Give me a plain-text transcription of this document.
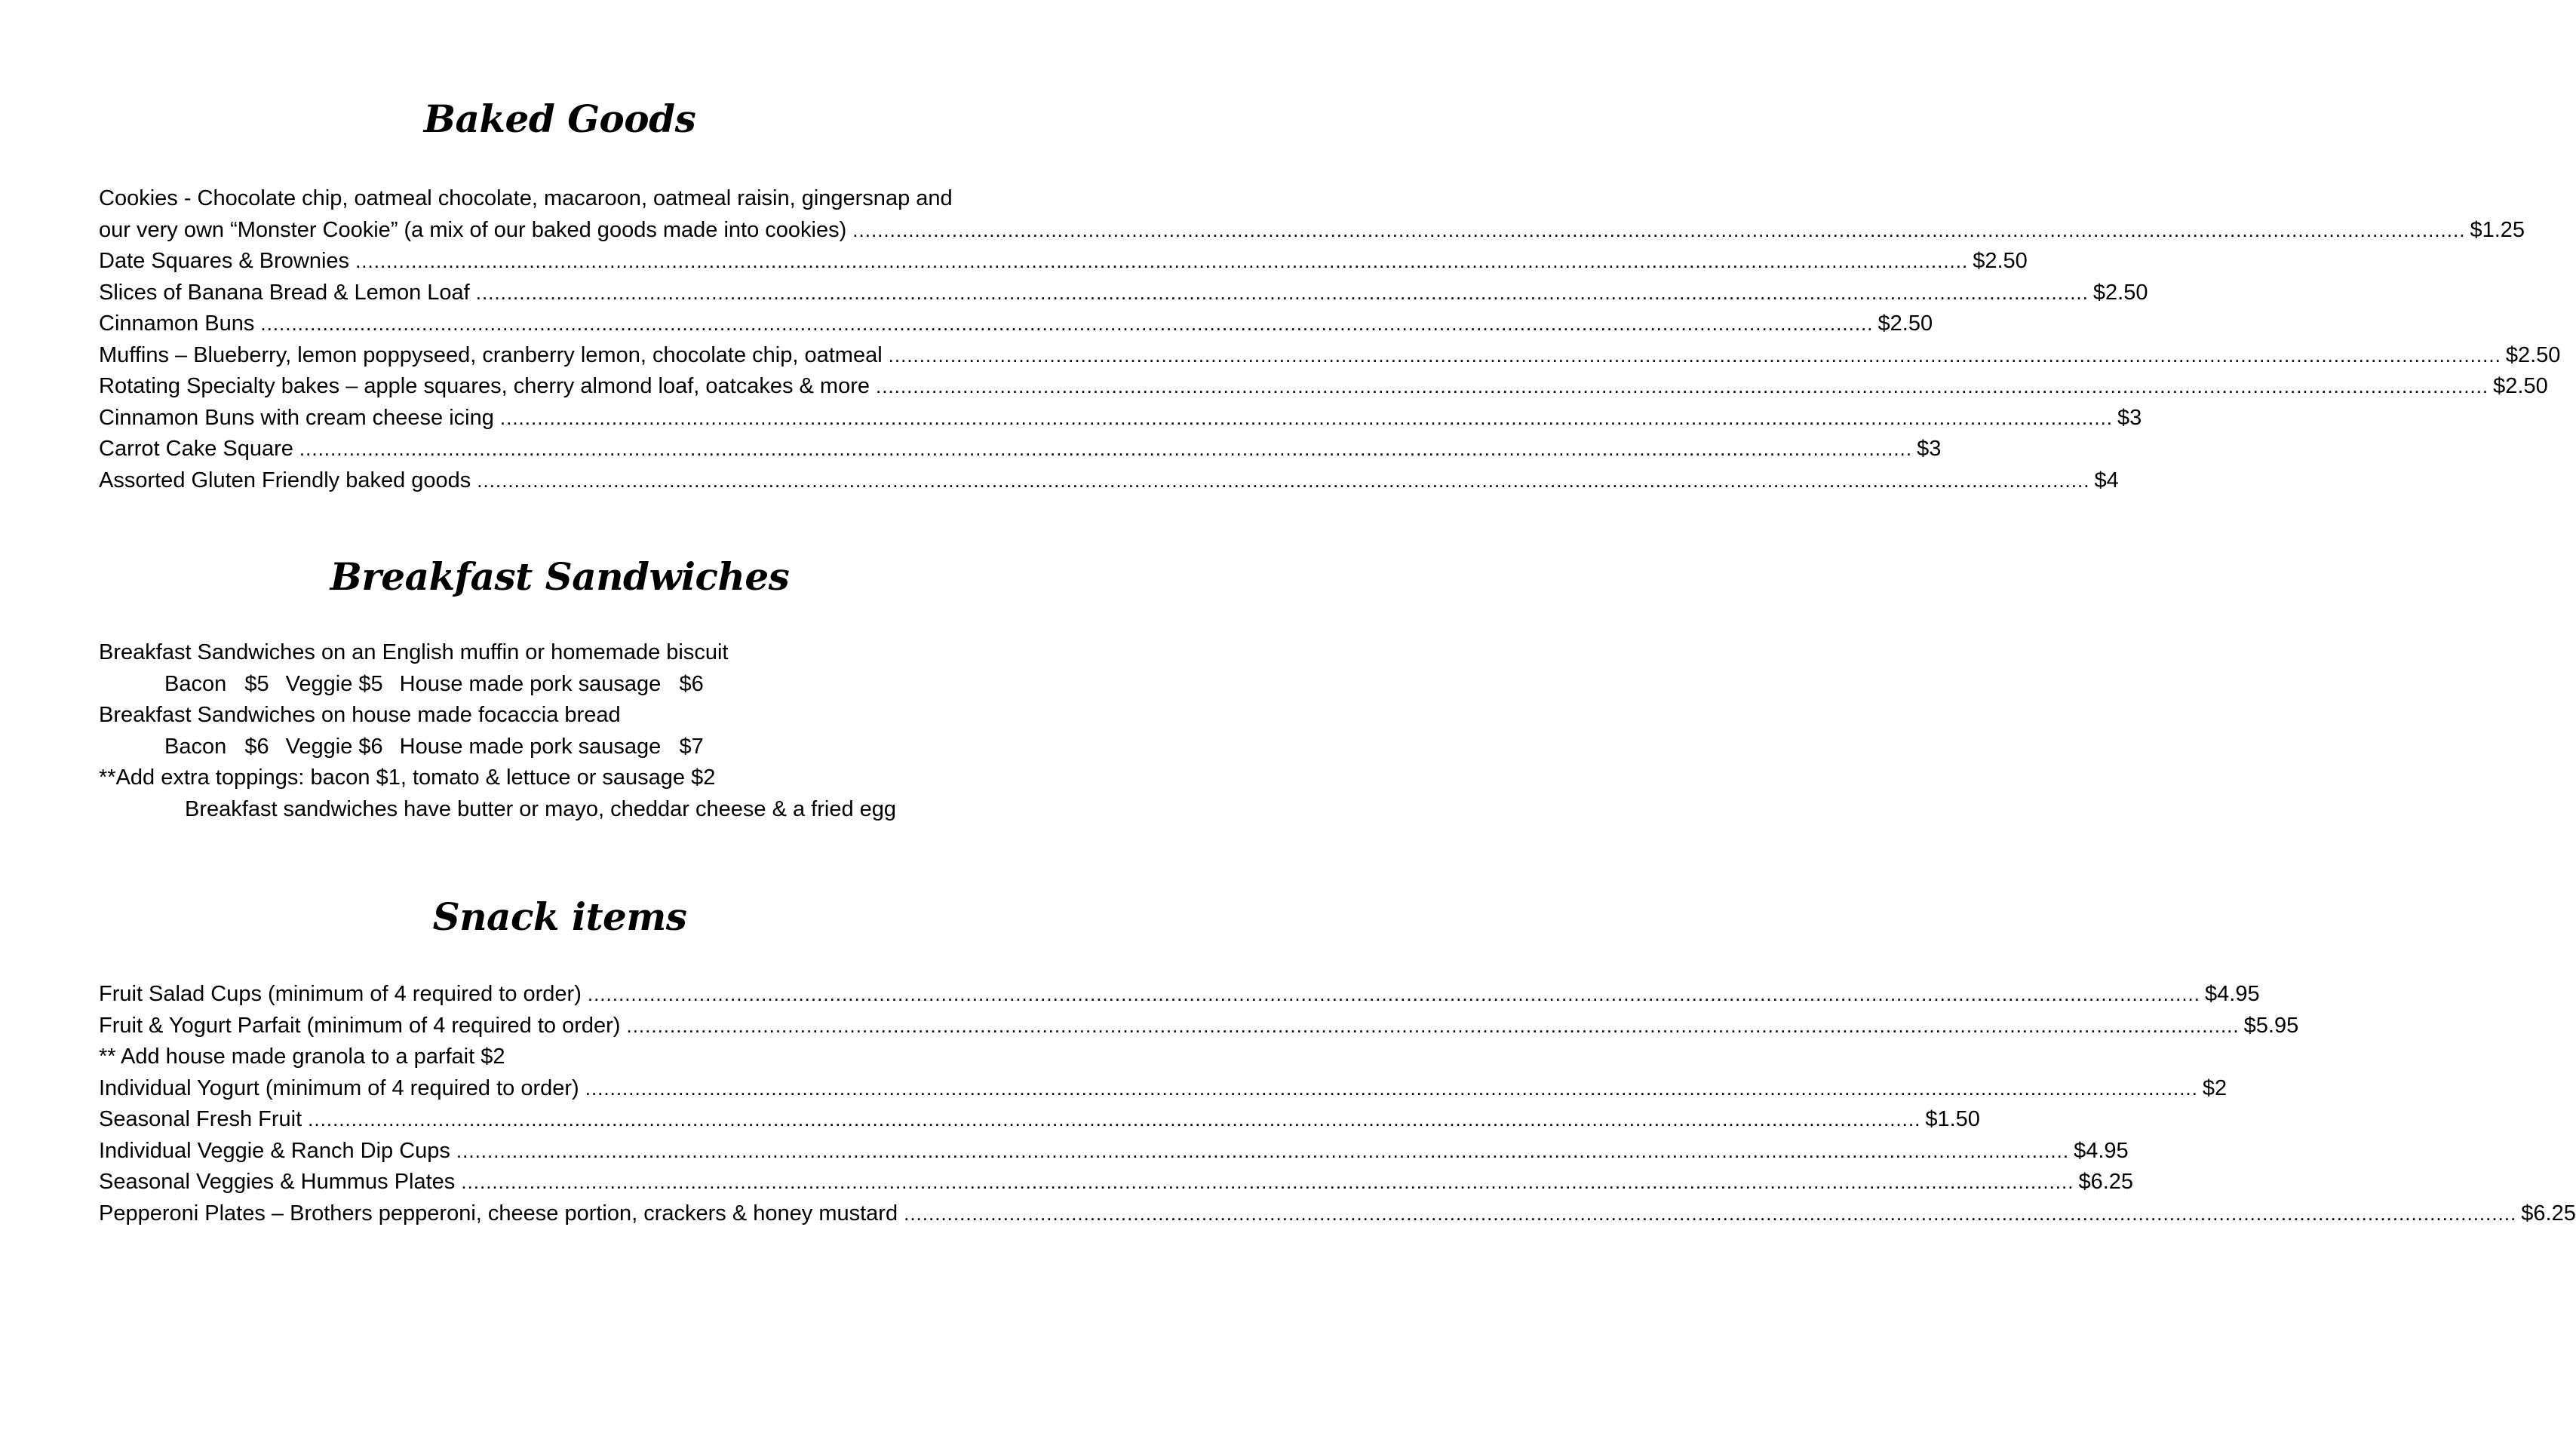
Baked Goods
Cookies - Chocolate chip, oatmeal chocolate, macaroon, oatmeal raisin, gingersnap and
our very own “Monster Cookie” (a mix of our baked goods made into cookies) .................................................................................................................................................................................................................................................................... $1.25
Date Squares & Brownies .................................................................................................................................................................................................................................................................... $2.50
Slices of Banana Bread & Lemon Loaf .................................................................................................................................................................................................................................................................... $2.50
Cinnamon Buns .................................................................................................................................................................................................................................................................... $2.50
Muffins – Blueberry, lemon poppyseed, cranberry lemon, chocolate chip, oatmeal .................................................................................................................................................................................................................................................................... $2.50
Rotating Specialty bakes – apple squares, cherry almond loaf, oatcakes & more .................................................................................................................................................................................................................................................................... $2.50
Cinnamon Buns with cream cheese icing .................................................................................................................................................................................................................................................................... $3
Carrot Cake Square .................................................................................................................................................................................................................................................................... $3
Assorted Gluten Friendly baked goods .................................................................................................................................................................................................................................................................... $4
Breakfast Sandwiches
Breakfast Sandwiches on an English muffin or homemade biscuit
Bacon   $5 Veggie $5 House made pork sausage   $6
Breakfast Sandwiches on house made focaccia bread
Bacon   $6 Veggie $6 House made pork sausage   $7
**Add extra toppings: bacon $1, tomato & lettuce or sausage $2
Breakfast sandwiches have butter or mayo, cheddar cheese & a fried egg
Snack items
Fruit Salad Cups (minimum of 4 required to order) .................................................................................................................................................................................................................................................................... $4.95
Fruit & Yogurt Parfait (minimum of 4 required to order) .................................................................................................................................................................................................................................................................... $5.95
** Add house made granola to a parfait $2
Individual Yogurt (minimum of 4 required to order) .................................................................................................................................................................................................................................................................... $2
Seasonal Fresh Fruit .................................................................................................................................................................................................................................................................... $1.50
Individual Veggie & Ranch Dip Cups .................................................................................................................................................................................................................................................................... $4.95
Seasonal Veggies & Hummus Plates .................................................................................................................................................................................................................................................................... $6.25
Pepperoni Plates – Brothers pepperoni, cheese portion, crackers & honey mustard .................................................................................................................................................................................................................................................................... $6.25
